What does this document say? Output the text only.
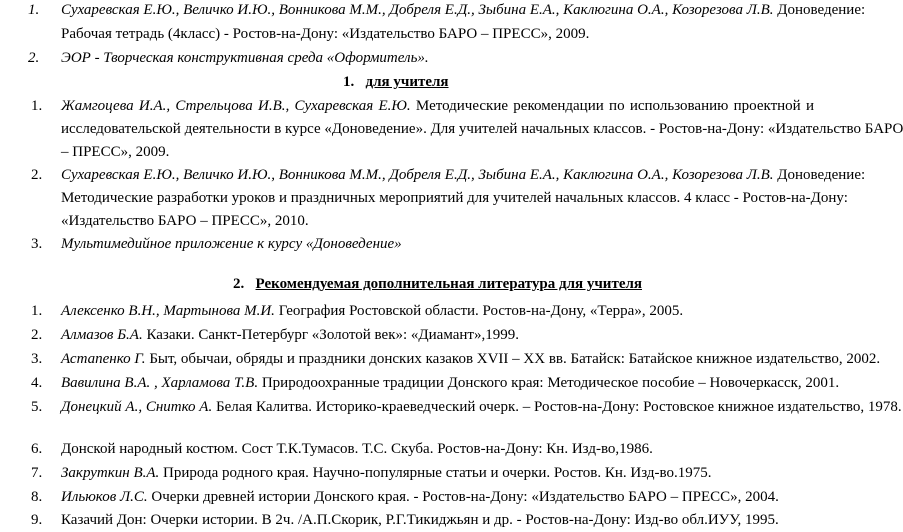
1. Сухаревская Е.Ю., Величко И.Ю., Вонникова М.М., Добреля Е.Д., Зыбина Е.А., Каклюгина О.А., Козорезова Л.В. Доноведение:
Рабочая тетрадь (4класс) - Ростов-на-Дону: «Издательство БАРО – ПРЕСС», 2009.
2. ЭОР - Творческая конструктивная среда «Оформитель».
1. для учителя
1. Жамгоцева И.А., Стрельцова И.В., Сухаревская Е.Ю. Методические рекомендации по использованию проектной и
исследовательской деятельности в курсе «Доноведение». Для учителей начальных классов. - Ростов-на-Дону: «Издательство БАРО
– ПРЕСС», 2009.
2. Сухаревская Е.Ю., Величко И.Ю., Вонникова М.М., Добреля Е.Д., Зыбина Е.А., Каклюгина О.А., Козорезова Л.В. Доноведение:
Методические разработки уроков и праздничных мероприятий для учителей начальных классов. 4 класс - Ростов-на-Дону:
«Издательство БАРО – ПРЕСС», 2010.
3. Мультимедийное приложение к курсу «Доноведение»
2. Рекомендуемая дополнительная литература для учителя
1. Алексенко В.Н., Мартынова М.И. География Ростовской области. Ростов-на-Дону, «Терра», 2005.
2. Алмазов Б.А. Казаки. Санкт-Петербург «Золотой век»: «Диамант»,1999.
3. Астапенко Г. Быт, обычаи, обряды и праздники донских казаков XVII – XX вв. Батайск: Батайское книжное издательство, 2002.
4. Вавилина В.А. , Харламова Т.В. Природоохранные традиции Донского края: Методическое пособие – Новочеркасск, 2001.
5. Донецкий А., Снитко А. Белая Калитва. Историко-краеведческий очерк. – Ростов-на-Дону: Ростовское книжное издательство, 1978.
6. Донской народный костюм. Сост Т.К.Тумасов. Т.С. Скуба. Ростов-на-Дону: Кн. Изд-во,1986.
7. Закруткин В.А. Природа родного края. Научно-популярные статьи и очерки. Ростов. Кн. Изд-во.1975.
8. Ильюков Л.С. Очерки древней истории Донского края. - Ростов-на-Дону: «Издательство БАРО – ПРЕСС», 2004.
9. Казачий Дон: Очерки истории. В 2ч. /А.П.Скорик, Р.Г.Тикиджьян и др. - Ростов-на-Дону: Изд-во обл.ИУУ, 1995.
